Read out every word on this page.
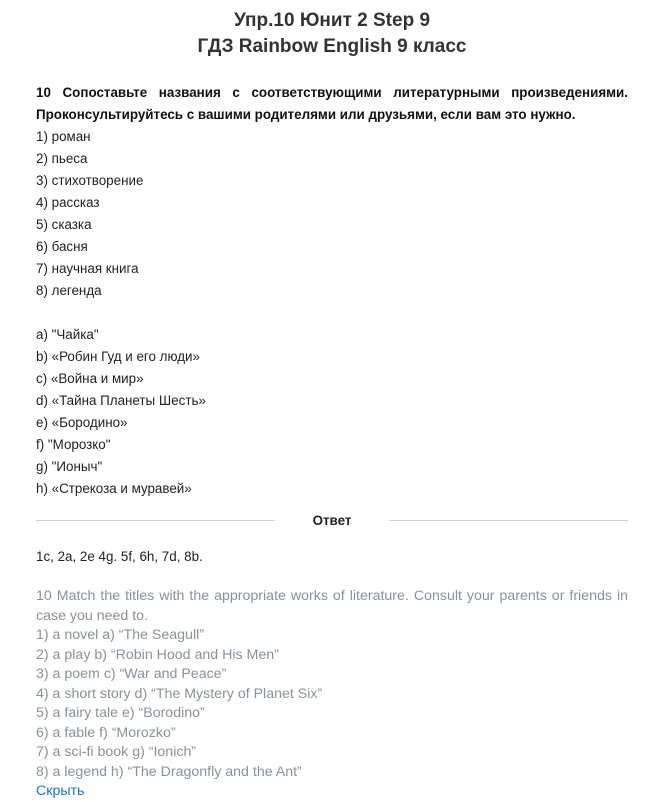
Упр.10 Юнит 2 Step 9
ГДЗ Rainbow English 9 класс

10 Сопоставьте названия с соответствующими литературными произведениями. Проконсультируйтесь с вашими родителями или друзьями, если вам это нужно.

1) роман
2) пьеса
3) стихотворение
4) рассказ
5) сказка
6) басня
7) научная книга
8) легенда
a) "Чайка"
b) «Робин Гуд и его люди»
c) «Война и мир»
d) «Тайна Планеты Шесть»
e) «Бородино»
f) "Морозко"
g) "Ионыч"
h) «Стрекоза и муравей»
Ответ

1c, 2a, 2e 4g. 5f, 6h, 7d, 8b.

10 Match the titles with the appropriate works of literature. Consult your parents or friends in case you need to.

1) a novel a) “The Seagull”
2) a play b) “Robin Hood and His Men”
3) a poem c) “War and Peace”
4) a short story d) “The Mystery of Planet Six”
5) a fairy tale e) “Borodino”
6) a fable f) “Morozko”
7) a sci-fi book g) “Ionich”
8) a legend h) “The Dragonfly and the Ant”
Скрыть
